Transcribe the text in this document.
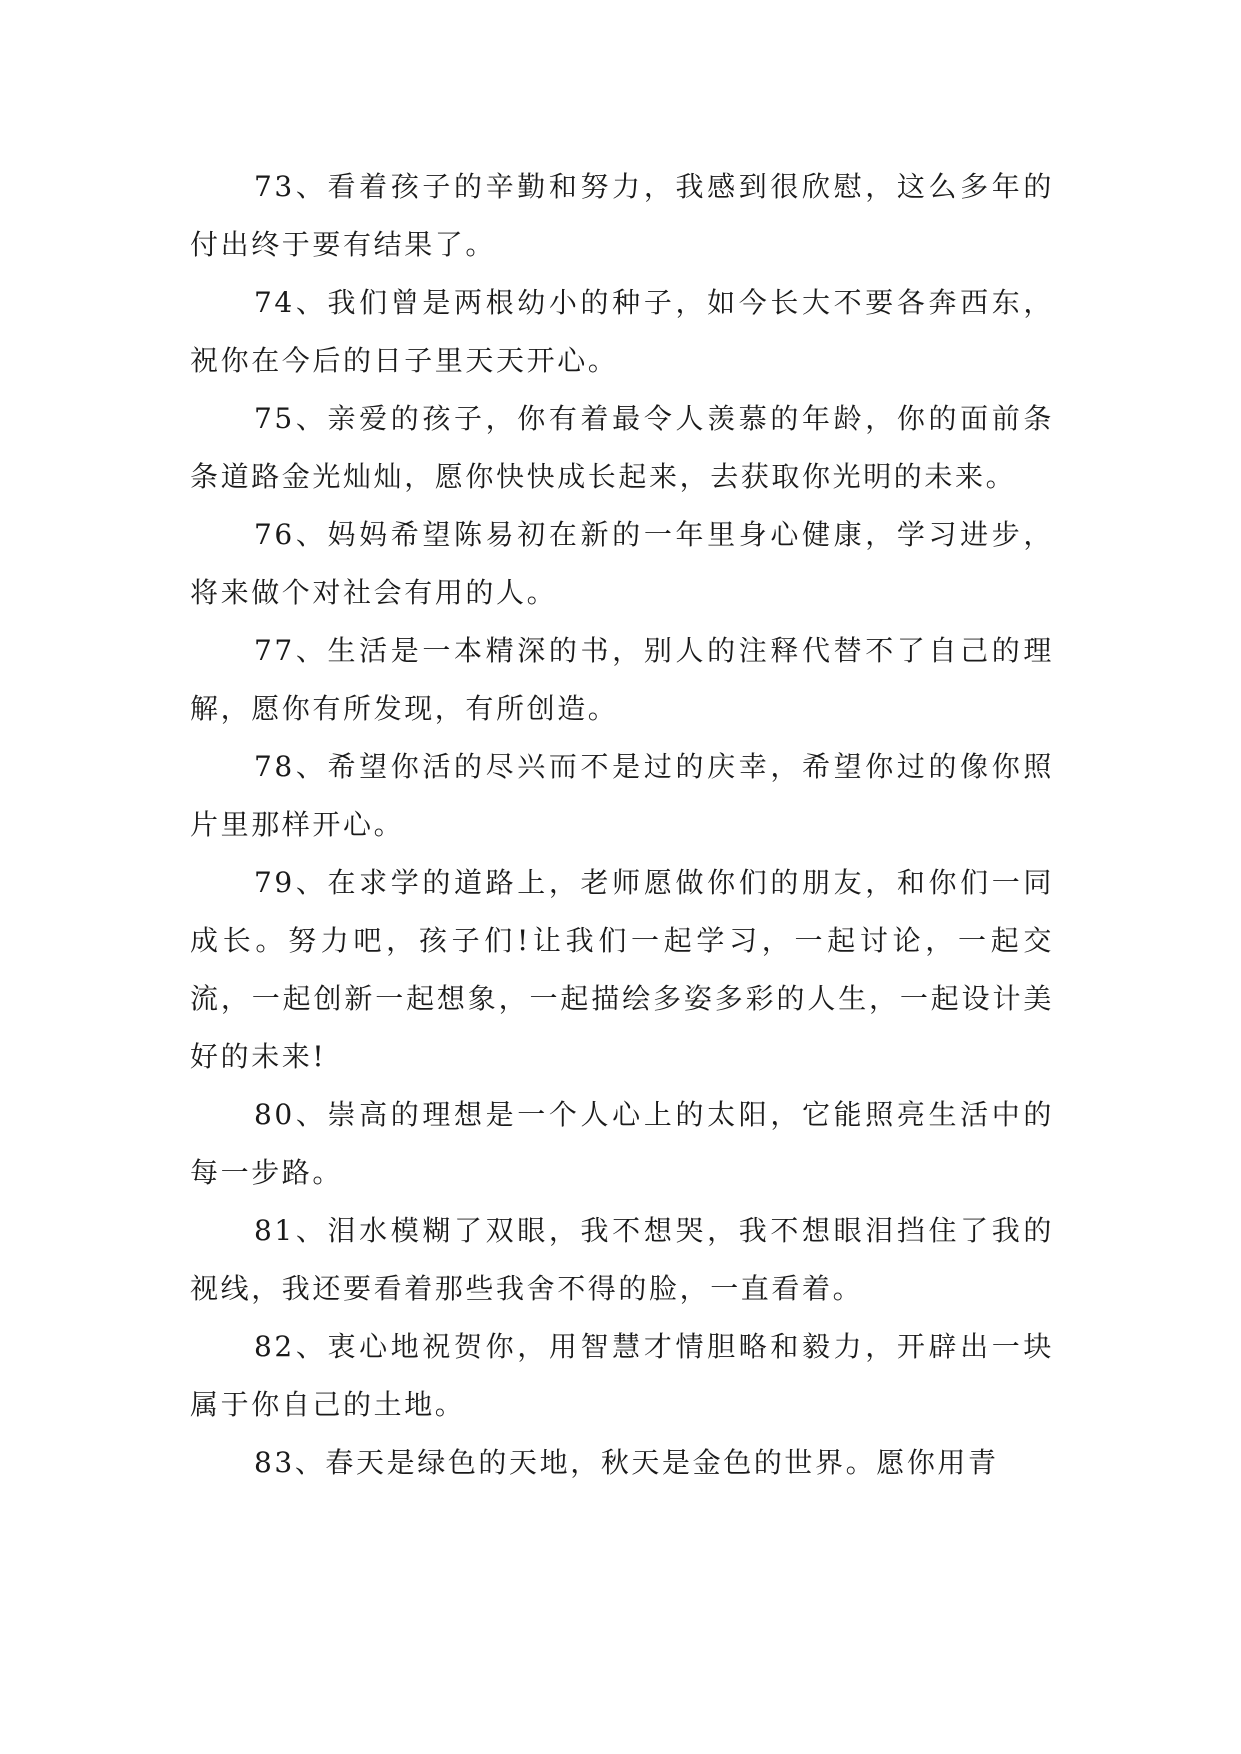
73、看着孩子的辛勤和努力，我感到很欣慰，这么多年的付出终于要有结果了。

74、我们曾是两根幼小的种子，如今长大不要各奔西东，祝你在今后的日子里天天开心。

75、亲爱的孩子，你有着最令人羡慕的年龄，你的面前条条道路金光灿灿，愿你快快成长起来，去获取你光明的未来。

76、妈妈希望陈易初在新的一年里身心健康，学习进步，将来做个对社会有用的人。

77、生活是一本精深的书，别人的注释代替不了自己的理解，愿你有所发现，有所创造。

78、希望你活的尽兴而不是过的庆幸，希望你过的像你照片里那样开心。

79、在求学的道路上，老师愿做你们的朋友，和你们一同成长。努力吧，孩子们!让我们一起学习，一起讨论，一起交流，一起创新一起想象，一起描绘多姿多彩的人生，一起设计美好的未来!

80、崇高的理想是一个人心上的太阳，它能照亮生活中的每一步路。

81、泪水模糊了双眼，我不想哭，我不想眼泪挡住了我的视线，我还要看着那些我舍不得的脸，一直看着。

82、衷心地祝贺你，用智慧才情胆略和毅力，开辟出一块属于你自己的土地。

83、春天是绿色的天地，秋天是金色的世界。愿你用青
